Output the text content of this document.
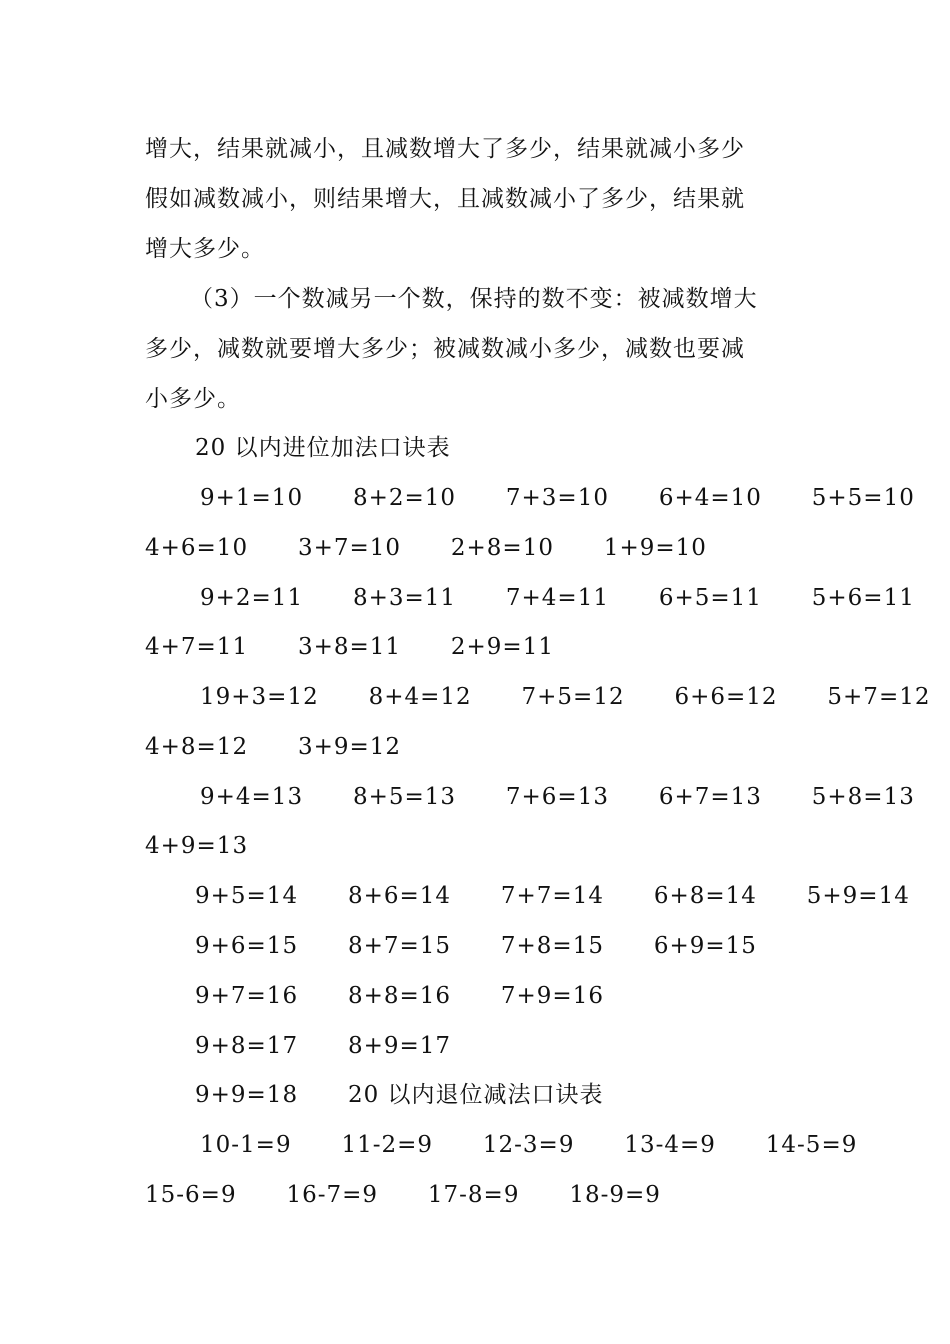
增大，结果就减小，且减数增大了多少，结果就减小多少
假如减数减小，则结果增大，且减数减小了多少，结果就
增大多少。
（3）一个数减另一个数，保持的数不变：被减数增大
多少，减数就要增大多少；被减数减小多少，减数也要减
小多少。
20 以内进位加法口诀表
9+1=10      8+2=10      7+3=10      6+4=10      5+5=10
4+6=10      3+7=10      2+8=10      1+9=10
9+2=11      8+3=11      7+4=11      6+5=11      5+6=11
4+7=11      3+8=11      2+9=11
19+3=12      8+4=12      7+5=12      6+6=12      5+7=12
4+8=12      3+9=12
9+4=13      8+5=13      7+6=13      6+7=13      5+8=13
4+9=13
9+5=14      8+6=14      7+7=14      6+8=14      5+9=14
9+6=15      8+7=15      7+8=15      6+9=15
9+7=16      8+8=16      7+9=16
9+8=17      8+9=17
9+9=18      20 以内退位减法口诀表
10-1=9      11-2=9      12-3=9      13-4=9      14-5=9
15-6=9      16-7=9      17-8=9      18-9=9
